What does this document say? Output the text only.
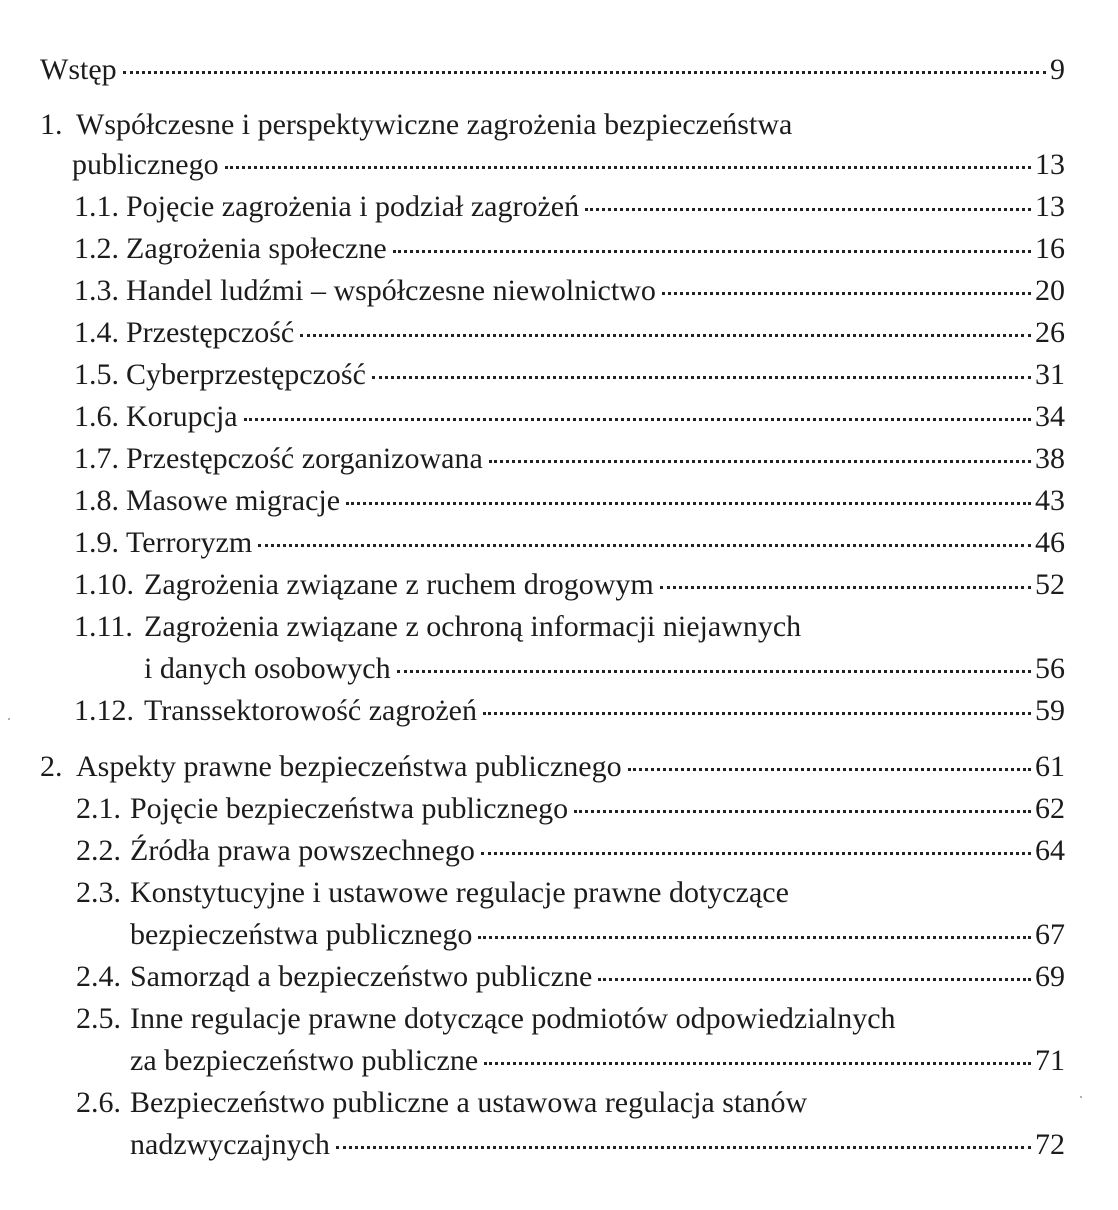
Wstęp	9
1. Współczesne i perspektywiczne zagrożenia bezpieczeństwa
publicznego	13
1.1. Pojęcie zagrożenia i podział zagrożeń	13
1.2. Zagrożenia społeczne	16
1.3. Handel ludźmi – współczesne niewolnictwo	20
1.4. Przestępczość	26
1.5. Cyberprzestępczość	31
1.6. Korupcja	34
1.7. Przestępczość zorganizowana	38
1.8. Masowe migracje	43
1.9. Terroryzm	46
1.10. Zagrożenia związane z ruchem drogowym	52
1.11. Zagrożenia związane z ochroną informacji niejawnych
i danych osobowych	56
1.12. Transsektorowość zagrożeń	59
2. Aspekty prawne bezpieczeństwa publicznego	61
2.1. Pojęcie bezpieczeństwa publicznego	62
2.2. Źródła prawa powszechnego	64
2.3. Konstytucyjne i ustawowe regulacje prawne dotyczące
bezpieczeństwa publicznego	67
2.4. Samorząd a bezpieczeństwo publiczne	69
2.5. Inne regulacje prawne dotyczące podmiotów odpowiedzialnych
za bezpieczeństwo publiczne	71
2.6. Bezpieczeństwo publiczne a ustawowa regulacja stanów
nadzwyczajnych	72
